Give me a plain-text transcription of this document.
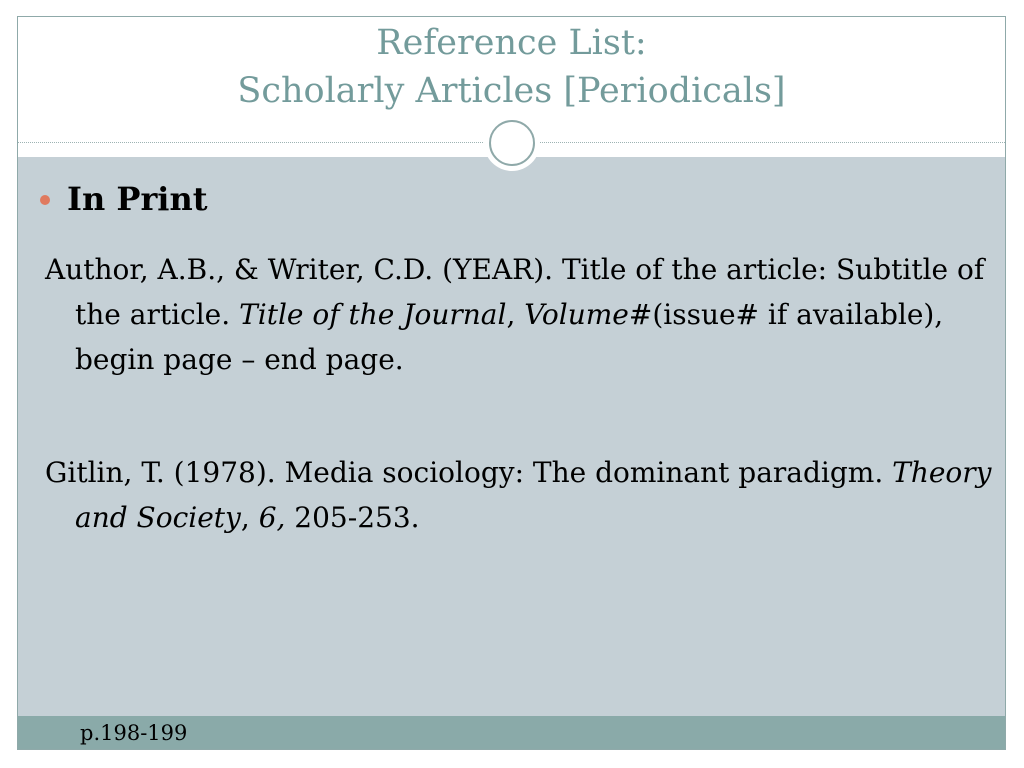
Reference List:
Scholarly Articles [Periodicals]
In Print

Author, A.B., & Writer, C.D. (YEAR). Title of the article: Subtitle of the article. Title of the Journal, Volume#(issue# if available), begin page – end page.

Gitlin, T. (1978). Media sociology: The dominant paradigm. Theory and Society, 6, 205-253.

p.198-199
